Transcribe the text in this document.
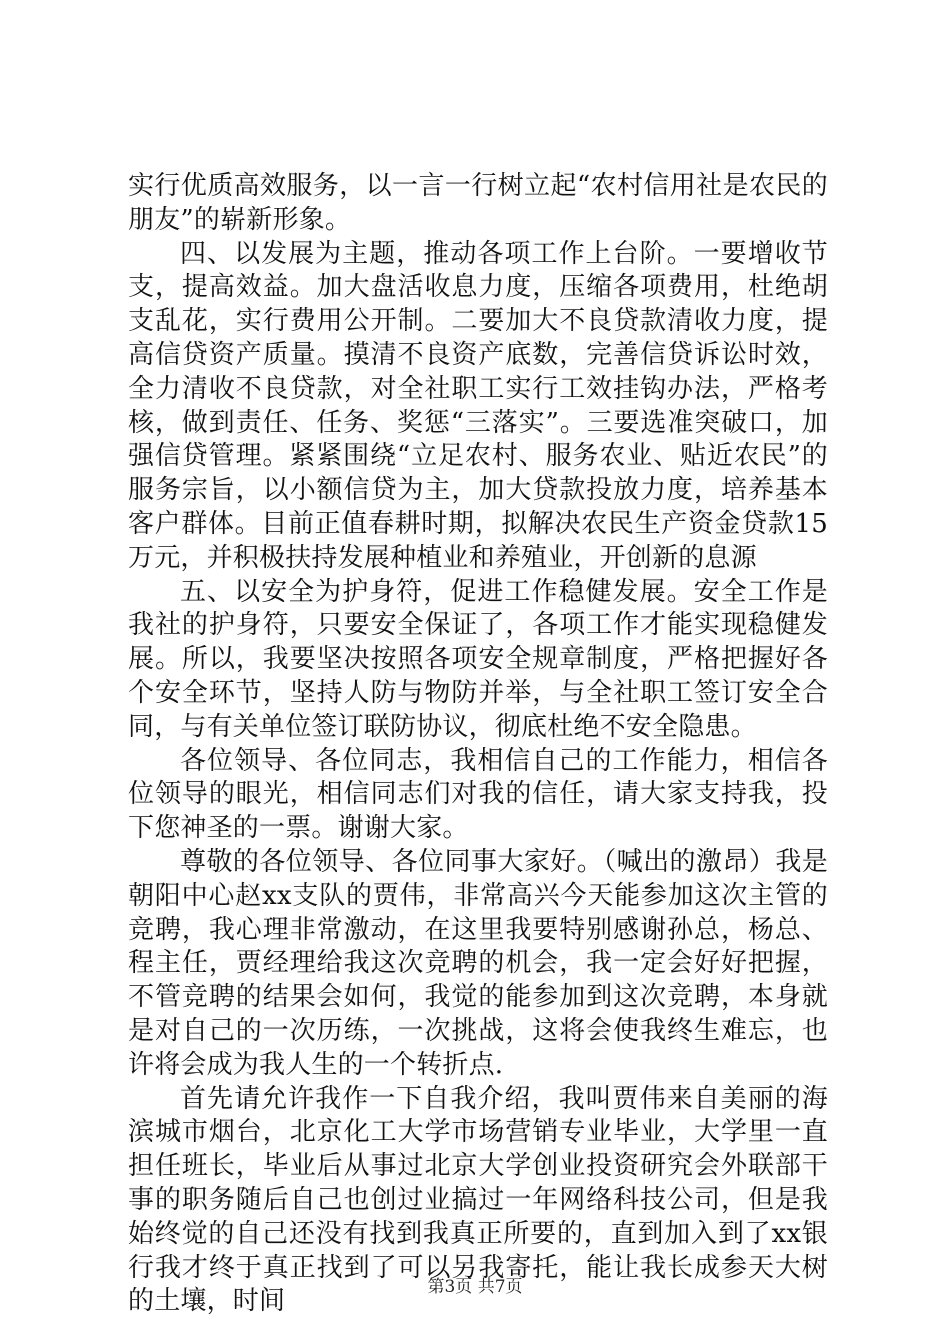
实行优质高效服务，以一言一行树立起“农村信用社是农民的朋友”的崭新形象。

四、以发展为主题，推动各项工作上台阶。一要增收节支，提高效益。加大盘活收息力度，压缩各项费用，杜绝胡支乱花，实行费用公开制。二要加大不良贷款清收力度，提高信贷资产质量。摸清不良资产底数，完善信贷诉讼时效，全力清收不良贷款，对全社职工实行工效挂钩办法，严格考核，做到责任、任务、奖惩“三落实”。三要选准突破口，加强信贷管理。紧紧围绕“立足农村、服务农业、贴近农民”的服务宗旨，以小额信贷为主，加大贷款投放力度，培养基本客户群体。目前正值春耕时期，拟解决农民生产资金贷款15万元，并积极扶持发展种植业和养殖业，开创新的息源

五、以安全为护身符，促进工作稳健发展。安全工作是我社的护身符，只要安全保证了，各项工作才能实现稳健发展。所以，我要坚决按照各项安全规章制度，严格把握好各个安全环节，坚持人防与物防并举，与全社职工签订安全合同，与有关单位签订联防协议，彻底杜绝不安全隐患。

各位领导、各位同志，我相信自己的工作能力，相信各位领导的眼光，相信同志们对我的信任，请大家支持我，投下您神圣的一票。谢谢大家。

尊敬的各位领导、各位同事大家好。（喊出的激昂）我是朝阳中心赵xx支队的贾伟，非常高兴今天能参加这次主管的竞聘，我心理非常激动，在这里我要特别感谢孙总，杨总、程主任，贾经理给我这次竞聘的机会，我一定会好好把握，不管竞聘的结果会如何，我觉的能参加到这次竞聘，本身就是对自己的一次历练，一次挑战，这将会使我终生难忘，也许将会成为我人生的一个转折点.

首先请允许我作一下自我介绍，我叫贾伟来自美丽的海滨城市烟台，北京化工大学市场营销专业毕业，大学里一直担任班长，毕业后从事过北京大学创业投资研究会外联部干事的职务随后自己也创过业搞过一年网络科技公司，但是我始终觉的自己还没有找到我真正所要的，直到加入到了xx银行我才终于真正找到了可以另我寄托，能让我长成参天大树的土壤，时间	第3页 共7页
